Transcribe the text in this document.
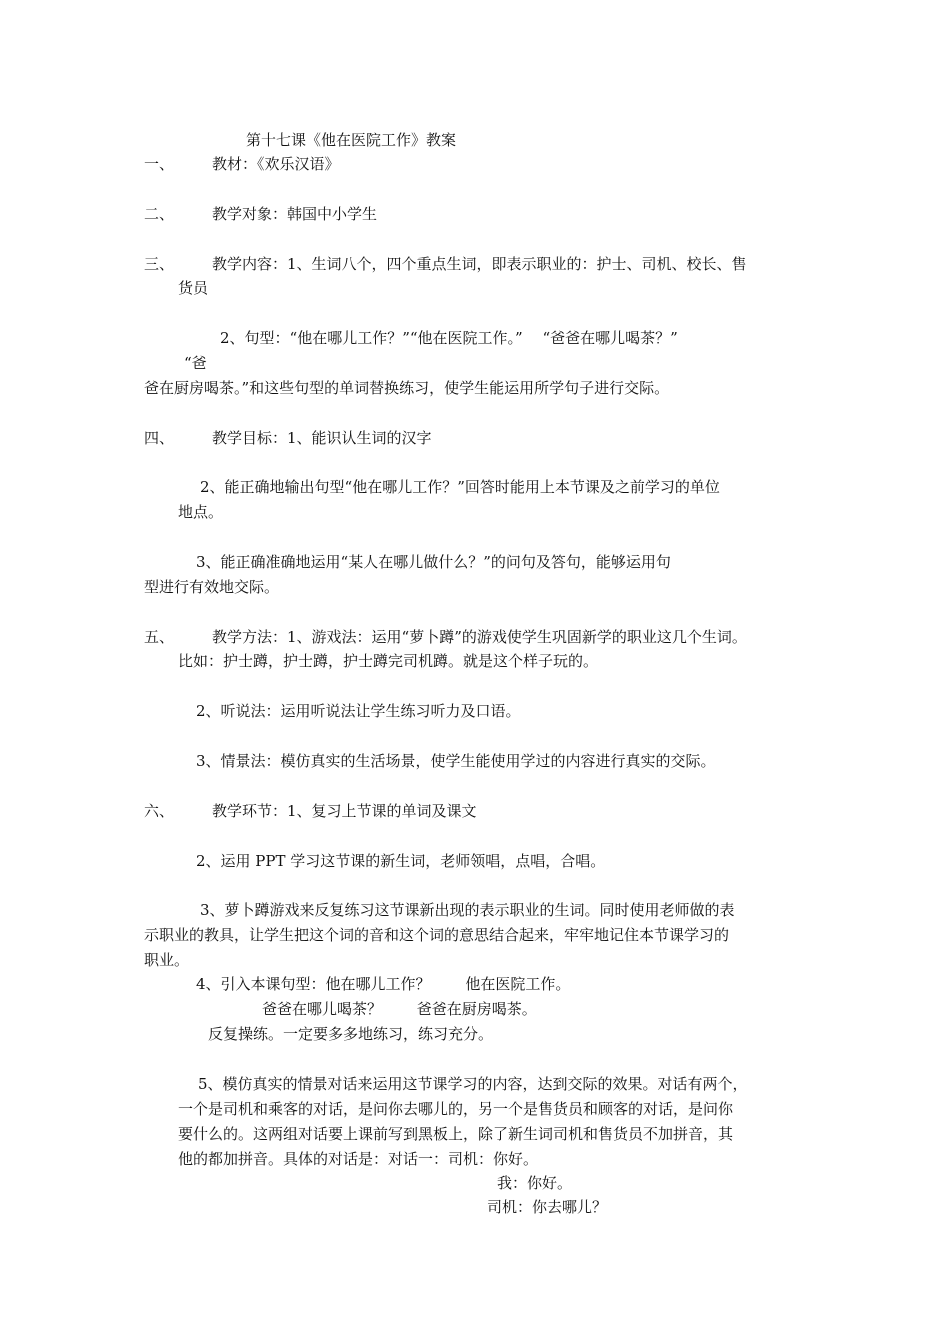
第十七课《他在医院工作》教案
一、	教材：《欢乐汉语》
二、	教学对象：韩国中小学生
三、	教学内容：1、生词八个，四个重点生词，即表示职业的：护士、司机、校长、售
货员
2、句型：“他在哪儿工作？”“他在医院工作。”　 “爸爸在哪儿喝茶？”
“爸
爸在厨房喝茶。”和这些句型的单词替换练习，使学生能运用所学句子进行交际。
四、	教学目标：1、能识认生词的汉字
2、能正确地输出句型“他在哪儿工作？”回答时能用上本节课及之前学习的单位
地点。
3、能正确准确地运用“某人在哪儿做什么？”的问句及答句，能够运用句
型进行有效地交际。
五、	教学方法：1、游戏法：运用“萝卜蹲”的游戏使学生巩固新学的职业这几个生词。
比如：护士蹲，护士蹲，护士蹲完司机蹲。就是这个样子玩的。
2、听说法：运用听说法让学生练习听力及口语。
3、情景法：模仿真实的生活场景，使学生能使用学过的内容进行真实的交际。
六、	教学环节：1、复习上节课的单词及课文
2、运用 PPT 学习这节课的新生词，老师领唱，点唱，合唱。
3、萝卜蹲游戏来反复练习这节课新出现的表示职业的生词。同时使用老师做的表
示职业的教具，让学生把这个词的音和这个词的意思结合起来，牢牢地记住本节课学习的
职业。
4、引入本课句型：他在哪儿工作？　　 他在医院工作。
爸爸在哪儿喝茶？　　 爸爸在厨房喝茶。
反复操练。一定要多多地练习，练习充分。
5、模仿真实的情景对话来运用这节课学习的内容，达到交际的效果。对话有两个，
一个是司机和乘客的对话，是问你去哪儿的，另一个是售货员和顾客的对话，是问你
要什么的。这两组对话要上课前写到黑板上，除了新生词司机和售货员不加拼音，其
他的都加拼音。具体的对话是：对话一：司机：你好。
我：你好。
司机：你去哪儿？
